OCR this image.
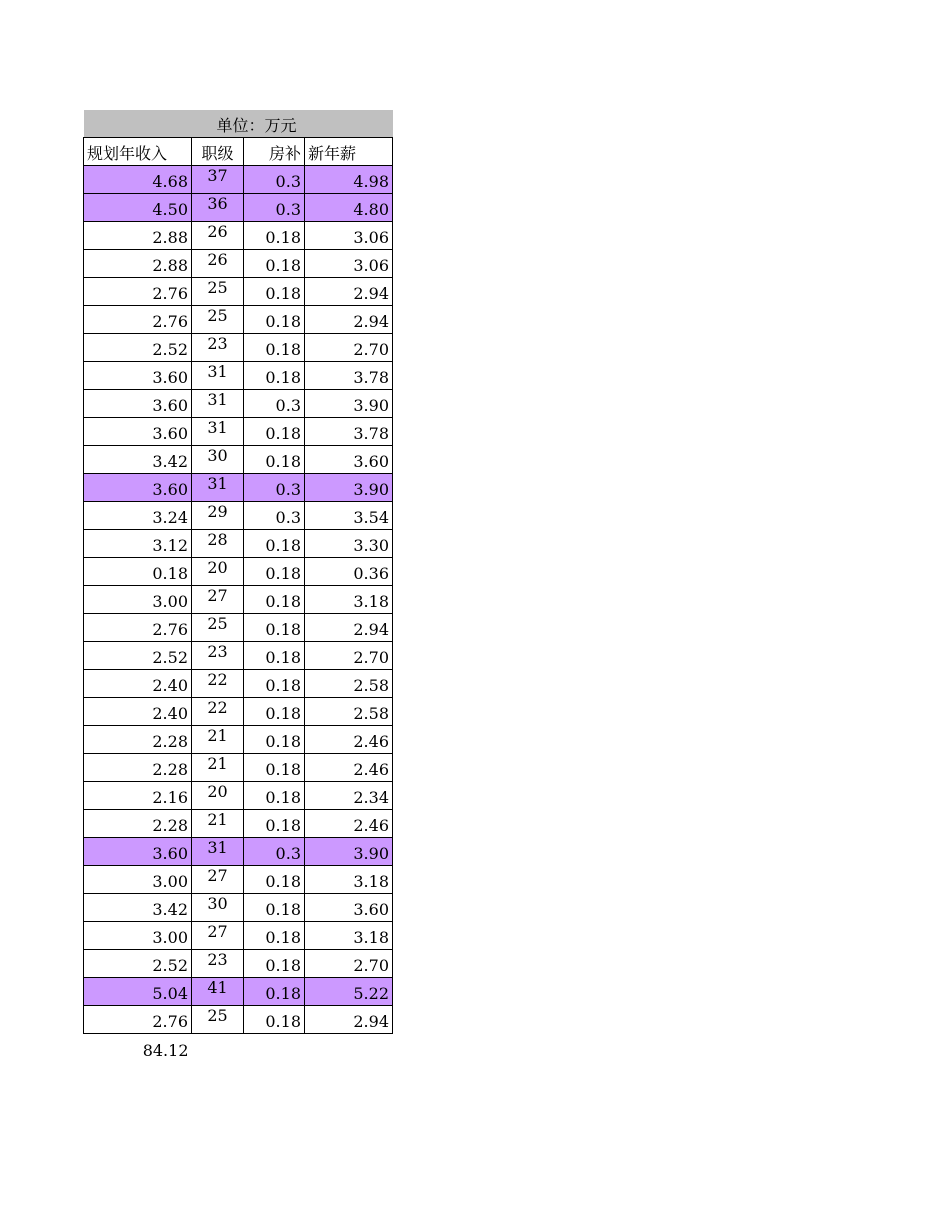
单位：万元			
规划年收入	职级	房补	新年薪
4.68	37	0.3	4.98
4.50	36	0.3	4.80
2.88	26	0.18	3.06
2.88	26	0.18	3.06
2.76	25	0.18	2.94
2.76	25	0.18	2.94
2.52	23	0.18	2.70
3.60	31	0.18	3.78
3.60	31	0.3	3.90
3.60	31	0.18	3.78
3.42	30	0.18	3.60
3.60	31	0.3	3.90
3.24	29	0.3	3.54
3.12	28	0.18	3.30
0.18	20	0.18	0.36
3.00	27	0.18	3.18
2.76	25	0.18	2.94
2.52	23	0.18	2.70
2.40	22	0.18	2.58
2.40	22	0.18	2.58
2.28	21	0.18	2.46
2.28	21	0.18	2.46
2.16	20	0.18	2.34
2.28	21	0.18	2.46
3.60	31	0.3	3.90
3.00	27	0.18	3.18
3.42	30	0.18	3.60
3.00	27	0.18	3.18
2.52	23	0.18	2.70
5.04	41	0.18	5.22
2.76	25	0.18	2.94
84.12			
